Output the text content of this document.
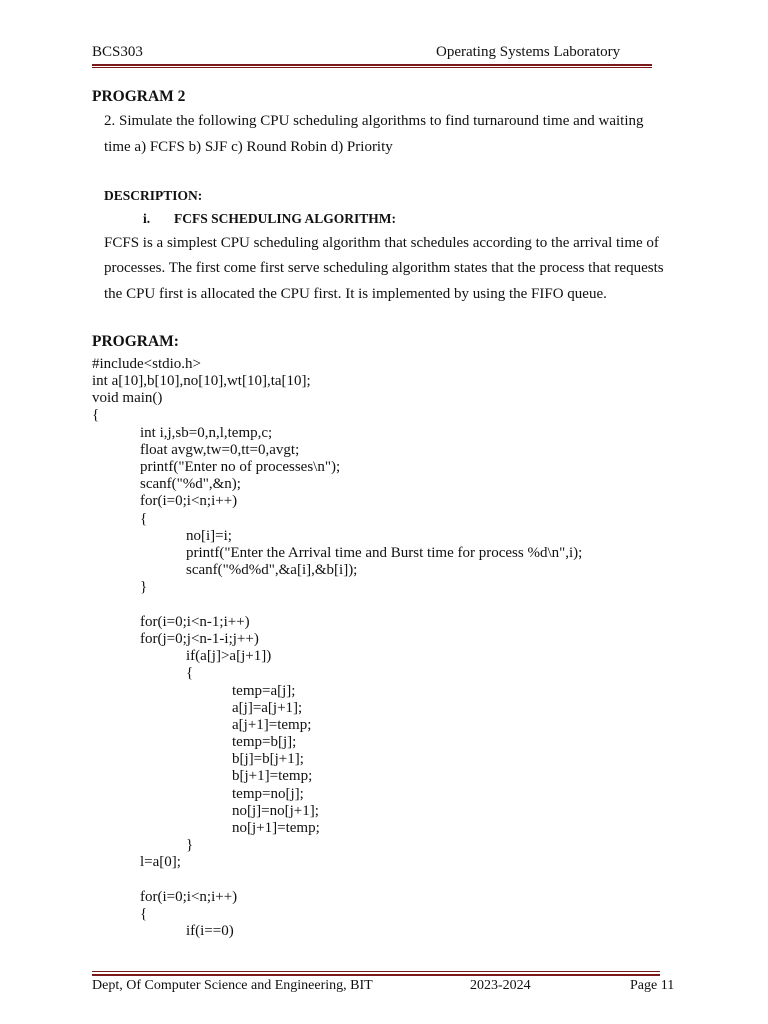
BCS303	Operating Systems Laboratory
PROGRAM 2
2. Simulate the following CPU scheduling algorithms to find turnaround time and waiting
time a) FCFS b) SJF c) Round Robin d) Priority
DESCRIPTION:
i. FCFS SCHEDULING ALGORITHM:
FCFS is a simplest CPU scheduling algorithm that schedules according to the arrival time of
processes. The first come first serve scheduling algorithm states that the process that requests
the CPU first is allocated the CPU first. It is implemented by using the FIFO queue.
PROGRAM:
#include<stdio.h>
int a[10],b[10],no[10],wt[10],ta[10];
void main()
{
int i,j,sb=0,n,l,temp,c;
float avgw,tw=0,tt=0,avgt;
printf("Enter no of processes\n");
scanf("%d",&n);
for(i=0;i<n;i++)
{
no[i]=i;
printf("Enter the Arrival time and Burst time for process %d\n",i);
scanf("%d%d",&a[i],&b[i]);
}
for(i=0;i<n-1;i++)
for(j=0;j<n-1-i;j++)
if(a[j]>a[j+1])
{
temp=a[j];
a[j]=a[j+1];
a[j+1]=temp;
temp=b[j];
b[j]=b[j+1];
b[j+1]=temp;
temp=no[j];
no[j]=no[j+1];
no[j+1]=temp;
}
l=a[0];
for(i=0;i<n;i++)
{
if(i==0)
Dept, Of Computer Science and Engineering, BIT	2023-2024	Page 11
